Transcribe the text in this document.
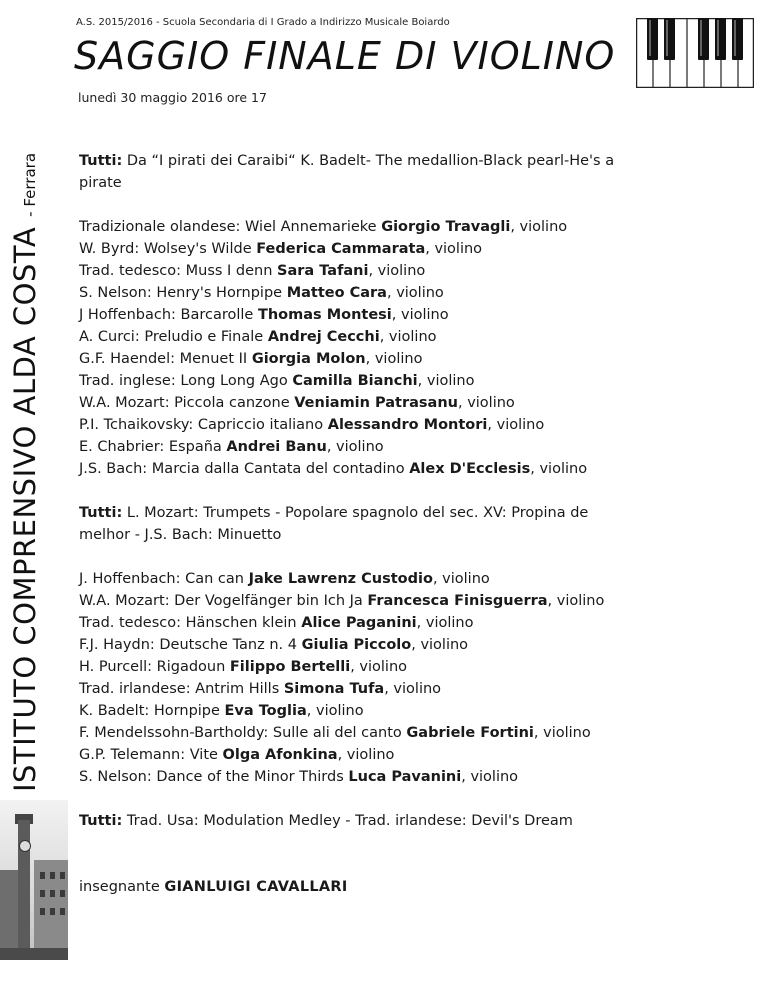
ISTITUTO COMPRENSIVO ALDA COSTA
- Ferrara
A.S. 2015/2016 - Scuola Secondaria di I Grado a Indirizzo Musicale Boiardo
SAGGIO FINALE DI VIOLINO
lunedì 30 maggio 2016 ore 17
Tutti: Da “I pirati dei Caraibi“ K. Badelt- The medallion-Black pearl-He's a
pirate
Tradizionale olandese: Wiel Annemarieke Giorgio Travagli, violino
W. Byrd: Wolsey's Wilde Federica Cammarata, violino
Trad. tedesco: Muss I denn Sara Tafani, violino
S. Nelson: Henry's Hornpipe Matteo Cara, violino
J Hoffenbach: Barcarolle Thomas Montesi, violino
A. Curci: Preludio e Finale Andrej Cecchi, violino
G.F. Haendel: Menuet II Giorgia Molon, violino
Trad. inglese: Long Long Ago Camilla Bianchi, violino
W.A. Mozart: Piccola canzone Veniamin Patrasanu, violino
P.I. Tchaikovsky: Capriccio italiano Alessandro Montori, violino
E. Chabrier: España Andrei Banu, violino
J.S. Bach: Marcia dalla Cantata del contadino Alex D'Ecclesis, violino
Tutti: L. Mozart: Trumpets - Popolare spagnolo del sec. XV: Propina de
melhor - J.S. Bach: Minuetto
J. Hoffenbach: Can can Jake Lawrenz Custodio, violino
W.A. Mozart: Der Vogelfänger bin Ich Ja Francesca Finisguerra, violino
Trad. tedesco: Hänschen klein Alice Paganini, violino
F.J. Haydn: Deutsche Tanz n. 4 Giulia Piccolo, violino
H. Purcell: Rigadoun Filippo Bertelli, violino
Trad. irlandese: Antrim Hills Simona Tufa, violino
K. Badelt: Hornpipe Eva Toglia, violino
F. Mendelssohn-Bartholdy: Sulle ali del canto Gabriele Fortini, violino
G.P. Telemann: Vite Olga Afonkina, violino
S. Nelson: Dance of the Minor Thirds Luca Pavanini, violino
Tutti: Trad. Usa: Modulation Medley - Trad. irlandese: Devil's Dream
insegnante GIANLUIGI CAVALLARI
